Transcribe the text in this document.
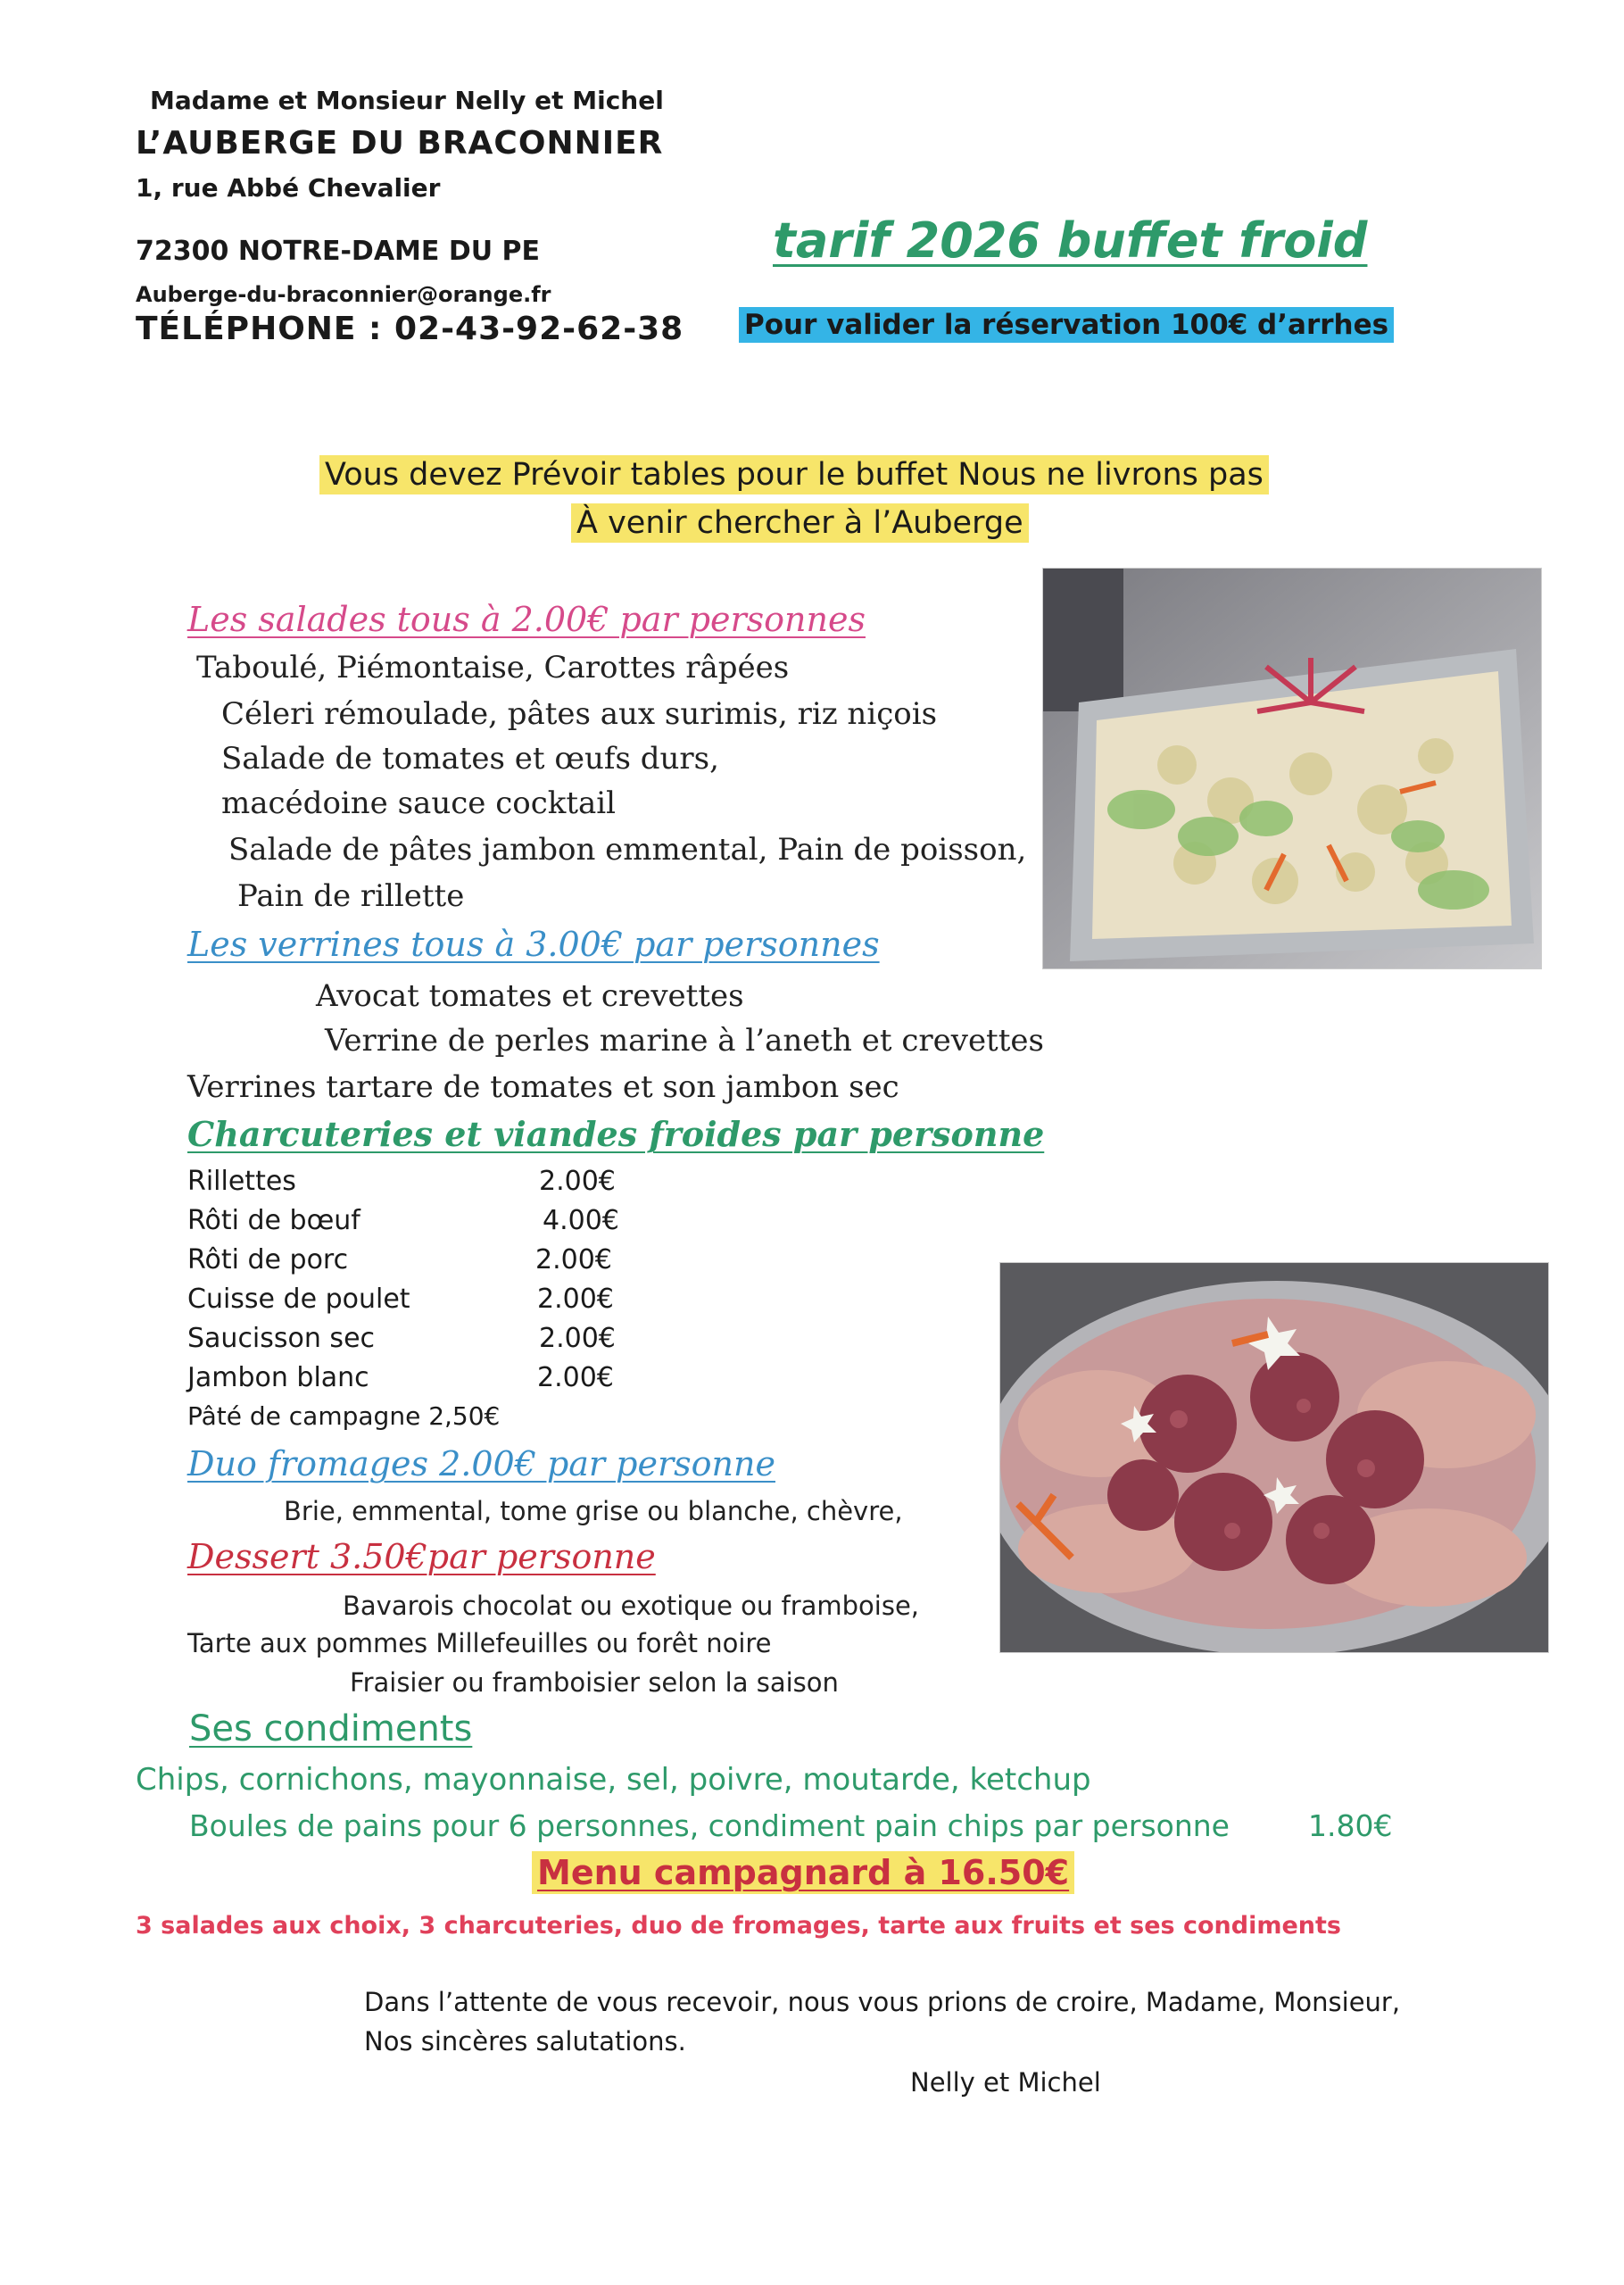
Madame et Monsieur Nelly et Michel
L’AUBERGE DU BRACONNIER
1, rue Abbé Chevalier
72300 NOTRE-DAME DU PE
Auberge-du-braconnier@orange.fr
TÉLÉPHONE : 02-43-92-62-38
tarif 2026 buffet froid
Pour valider la réservation 100€ d’arrhes
Vous devez Prévoir tables pour le buffet Nous ne livrons pas
À venir chercher à l’Auberge
Les salades tous à 2.00€ par personnes
Taboulé, Piémontaise, Carottes râpées
Céleri rémoulade, pâtes aux surimis, riz niçois
Salade de tomates et œufs durs,
macédoine sauce cocktail
Salade de pâtes jambon emmental, Pain de poisson,
Pain de rillette
Les verrines tous à 3.00€ par personnes
Avocat tomates et crevettes
Verrine de perles marine à l’aneth et crevettes
Verrines tartare de tomates et son jambon sec
Charcuteries et viandes froides par personne
Rillettes	2.00€
Rôti de bœuf	4.00€
Rôti de porc	2.00€
Cuisse de poulet	2.00€
Saucisson sec	2.00€
Jambon blanc	2.00€
Pâté de campagne 2,50€
Duo fromages 2.00€ par personne
Brie, emmental, tome grise ou blanche, chèvre,
Dessert 3.50€par personne
Bavarois chocolat ou exotique ou framboise,
Tarte aux pommes Millefeuilles ou forêt noire
Fraisier ou framboisier selon la saison
Ses condiments
Chips, cornichons, mayonnaise, sel, poivre, moutarde, ketchup
Boules de pains pour 6 personnes, condiment pain chips par personne	1.80€
Menu campagnard à 16.50€
3 salades aux choix, 3 charcuteries, duo de fromages, tarte aux fruits et ses condiments
Dans l’attente de vous recevoir, nous vous prions de croire, Madame, Monsieur,
Nos sincères salutations.
Nelly et Michel
